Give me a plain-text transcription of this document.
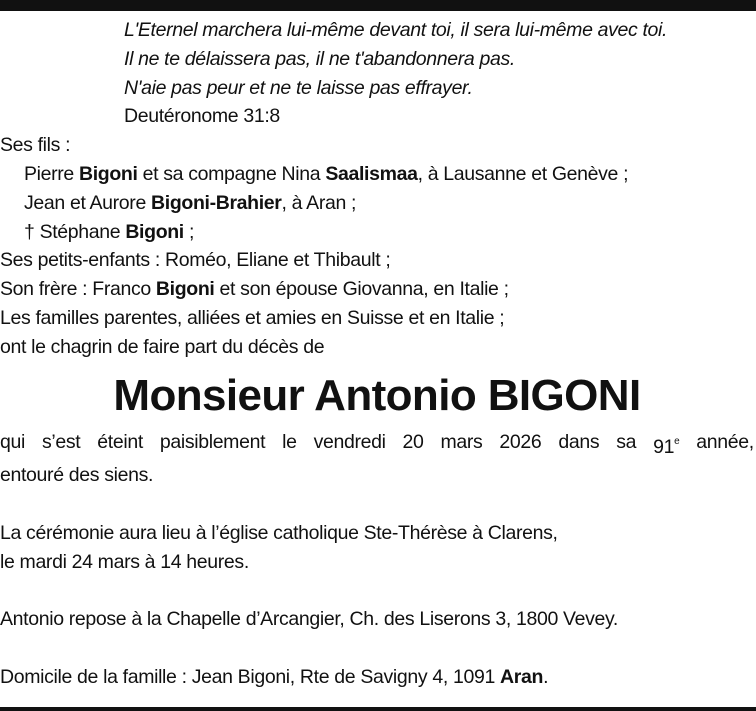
L'Eternel marchera lui-même devant toi, il sera lui-même avec toi.
Il ne te délaissera pas, il ne t'abandonnera pas.
N'aie pas peur et ne te laisse pas effrayer.
Deutéronome 31:8
Ses fils :
Pierre Bigoni et sa compagne Nina Saalismaa, à Lausanne et Genève ;
Jean et Aurore Bigoni-Brahier, à Aran ;
† Stéphane Bigoni ;
Ses petits-enfants : Roméo, Eliane et Thibault ;
Son frère : Franco Bigoni et son épouse Giovanna, en Italie ;
Les familles parentes, alliées et amies en Suisse et en Italie ;
ont le chagrin de faire part du décès de
Monsieur Antonio BIGONI
qui s’est éteint paisiblement le vendredi 20 mars 2026 dans sa 91e année,
entouré des siens.
La cérémonie aura lieu à l’église catholique Ste-Thérèse à Clarens,
le mardi 24 mars à 14 heures.
Antonio repose à la Chapelle d’Arcangier, Ch. des Liserons 3, 1800 Vevey.
Domicile de la famille : Jean Bigoni, Rte de Savigny 4, 1091 Aran.
